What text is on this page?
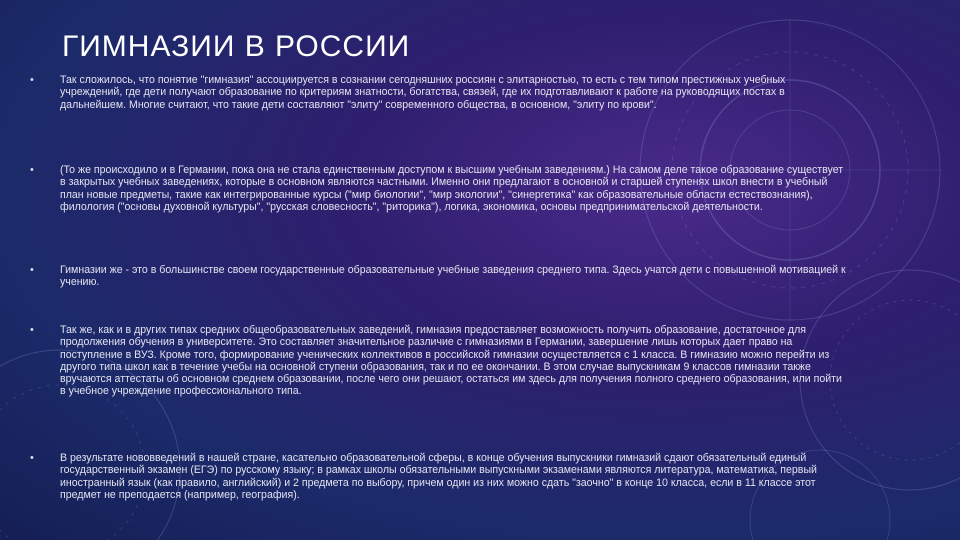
ГИМНАЗИИ В РОССИИ
• Так сложилось, что понятие "гимназия" ассоциируется в сознании сегодняшних россиян с элитарностью, то есть с тем типом престижных учебных учреждений, где дети получают образование по критериям знатности, богатства, связей, где их подготавливают к работе на руководящих постах в дальнейшем. Многие считают, что такие дети составляют "элиту" современного общества, в основном, "элиту по крови".
• (То же происходило и в Германии, пока она не стала единственным доступом к высшим учебным заведениям.) На самом деле такое образование существует в закрытых учебных заведениях, которые в основном являются частными. Именно они предлагают в основной и старшей ступенях школ внести в учебный план новые предметы, такие как интегрированные курсы ("мир биологии", "мир экологии", "синергетика" как образовательные области естествознания), филология ("основы духовной культуры", "русская словесность", "риторика"), логика, экономика, основы предпринимательской деятельности.
• Гимназии же - это в большинстве своем государственные образовательные учебные заведения среднего типа. Здесь учатся дети с повышенной мотивацией к учению.
• Так же, как и в других типах средних общеобразовательных заведений, гимназия предоставляет возможность получить образование, достаточное для продолжения обучения в университете. Это составляет значительное различие с гимназиями в Германии, завершение лишь которых дает право на поступление в ВУЗ. Кроме того, формирование ученических коллективов в российской гимназии осуществляется с 1 класса. В гимназию можно перейти из другого типа школ как в течение учебы на основной ступени образования, так и по ее окончании. В этом случае выпускникам 9 классов гимназии также вручаются аттестаты об основном среднем образовании, после чего они решают, остаться им здесь для получения полного среднего образования, или пойти в учебное учреждение профессионального типа.
• В результате нововведений в нашей стране, касательно образовательной сферы, в конце обучения выпускники гимназий сдают обязательный единый государственный экзамен (ЕГЭ) по русскому языку; в рамках школы обязательными выпускными экзаменами являются литература, математика, первый иностранный язык (как правило, английский) и 2 предмета по выбору, причем один из них можно сдать "заочно" в конце 10 класса, если в 11 классе этот предмет не преподается (например, география).
